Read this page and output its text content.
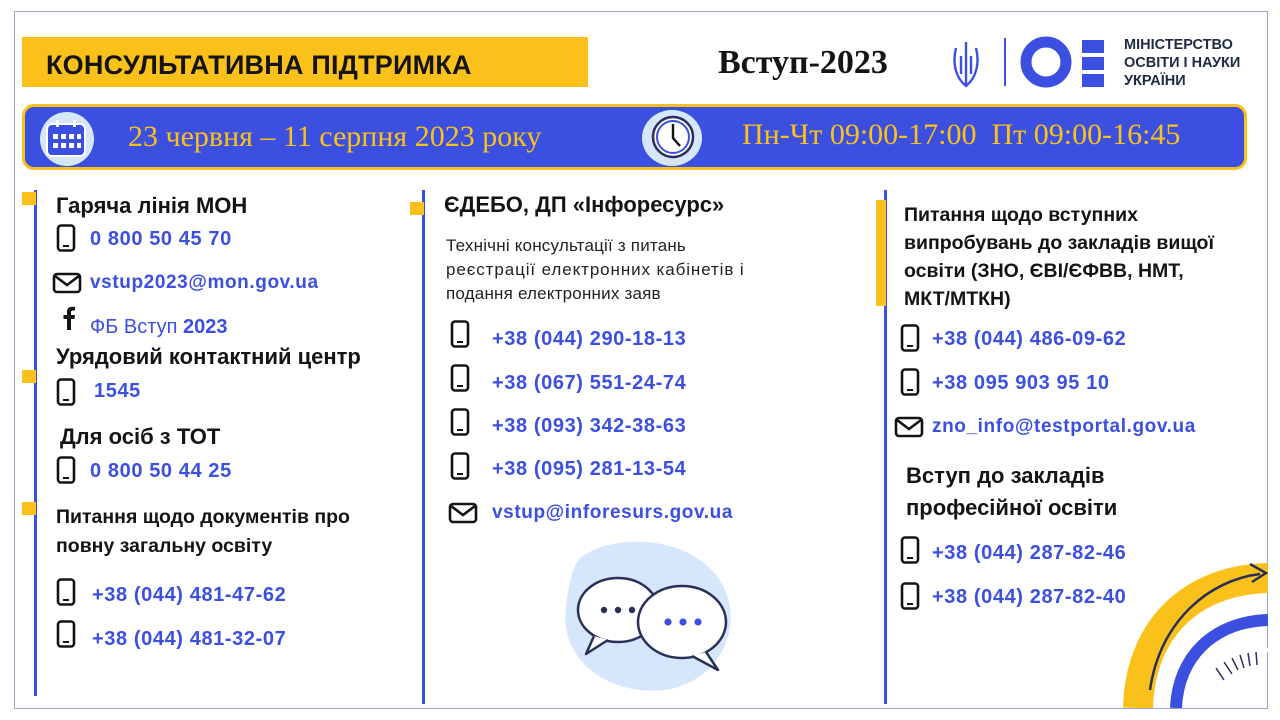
КОНСУЛЬТАТИВНА ПІДТРИМКА	Вступ-2023	МІНІСТЕРСТВО
ОСВІТИ І НАУКИ
УКРАЇНИ
23 червня – 11 серпня 2023 року	Пн-Чт 09:00-17:00  Пт 09:00-16:45
Гаряча лінія МОН
0 800 50 45 70
vstup2023@mon.gov.ua
ФБ Вступ 2023
Урядовий контактний центр
1545
Для осіб з ТОТ
0 800 50 44 25
Питання щодо документів про
повну загальну освіту
+38 (044) 481-47-62
+38 (044) 481-32-07
ЄДЕБО, ДП «Інфоресурс»
Технічні консультації з питань
реєстрації електронних кабінетів і
подання електронних заяв
+38 (044) 290-18-13
+38 (067) 551-24-74
+38 (093) 342-38-63
+38 (095) 281-13-54
vstup@inforesurs.gov.ua
Питання щодо вступних
випробувань до закладів вищої
освіти (ЗНО, ЄВІ/ЄФВВ, НМТ,
МКТ/МТКН)
+38 (044) 486-09-62
+38 095 903 95 10
zno_info@testportal.gov.ua
Вступ до закладів
професійної освіти
+38 (044) 287-82-46
+38 (044) 287-82-40
